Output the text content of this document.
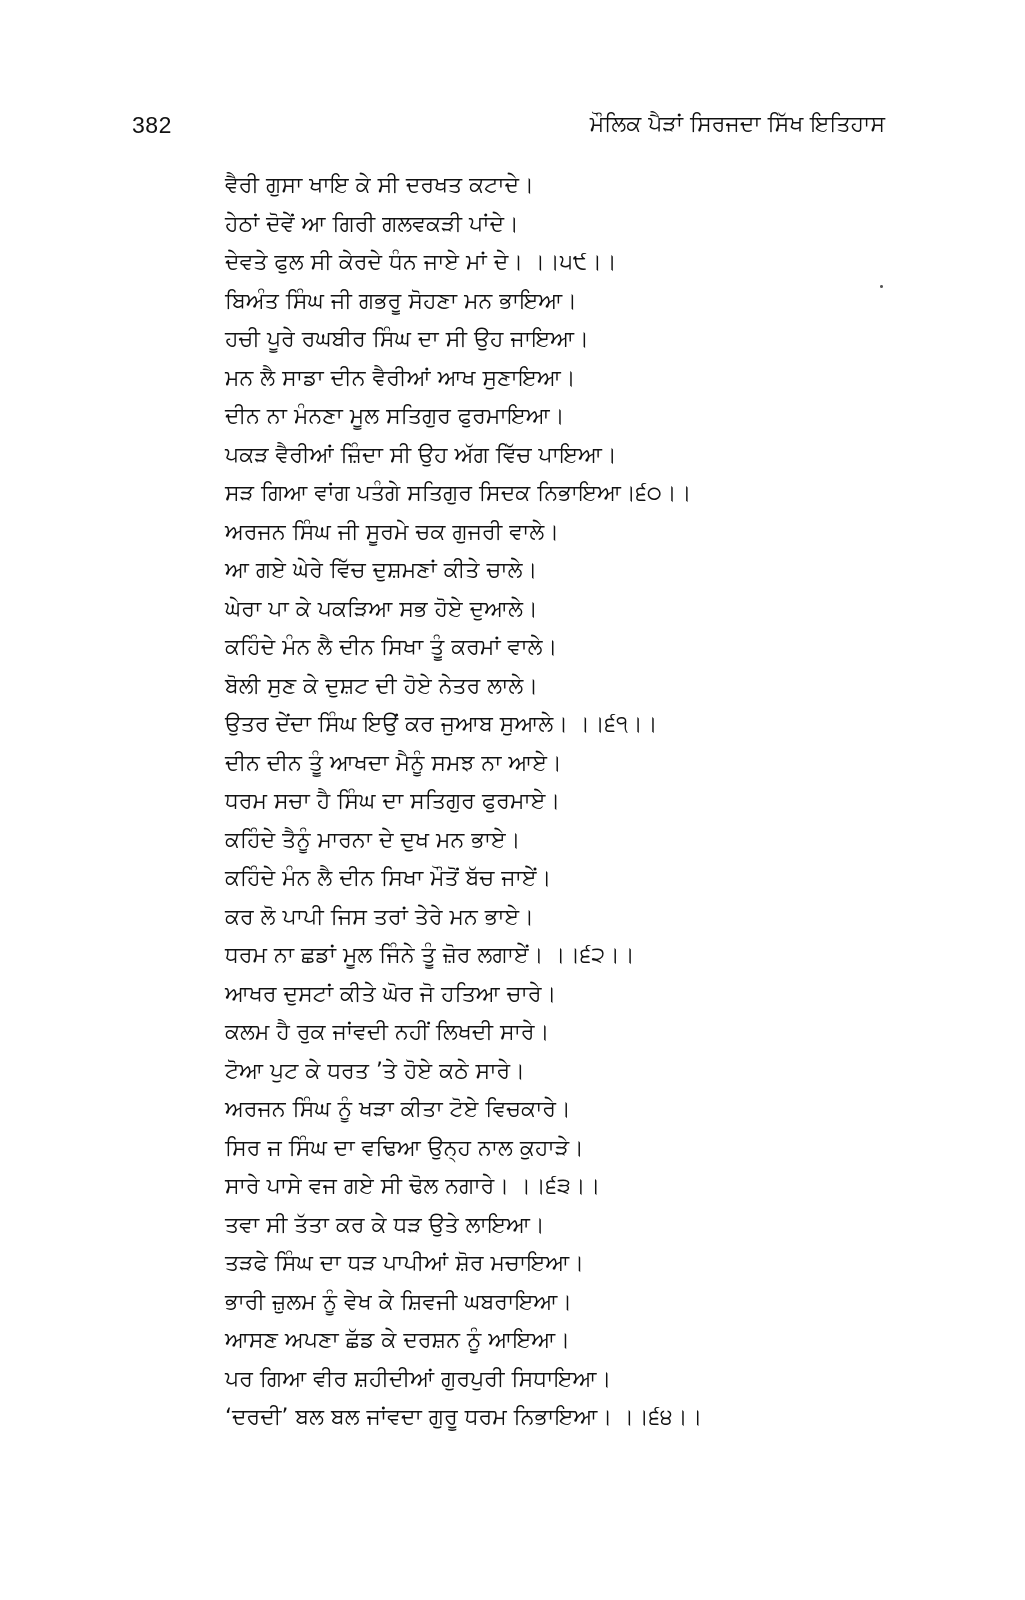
382	ਮੌਲਿਕ ਪੈੜਾਂ ਸਿਰਜਦਾ ਸਿੱਖ ਇਤਿਹਾਸ
ਵੈਰੀ ਗੁਸਾ ਖਾਇ ਕੇ ਸੀ ਦਰਖਤ ਕਟਾਦੇ।
ਹੇਠਾਂ ਦੋਵੇਂ ਆ ਗਿਰੀ ਗਲਵਕੜੀ ਪਾਂਦੇ।
ਦੇਵਤੇ ਫੁਲ ਸੀ ਕੇਰਦੇ ਧੰਨ ਜਾਏ ਮਾਂ ਦੇ। ।।੫੯।।
ਬਿਅੰਤ ਸਿੰਘ ਜੀ ਗਭਰੂ ਸੋਹਣਾ ਮਨ ਭਾਇਆ।
ਹਚੀ ਪੂਰੇ ਰਘਬੀਰ ਸਿੰਘ ਦਾ ਸੀ ਉਹ ਜਾਇਆ।
ਮਨ ਲੈ ਸਾਡਾ ਦੀਨ ਵੈਰੀਆਂ ਆਖ ਸੁਣਾਇਆ।
ਦੀਨ ਨਾ ਮੰਨਣਾ ਮੂਲ ਸਤਿਗੁਰ ਫੁਰਮਾਇਆ।
ਪਕੜ ਵੈਰੀਆਂ ਜ਼ਿੰਦਾ ਸੀ ਉਹ ਅੱਗ ਵਿੱਚ ਪਾਇਆ।
ਸੜ ਗਿਆ ਵਾਂਗ ਪਤੰਗੇ ਸਤਿਗੁਰ ਸਿਦਕ ਨਿਭਾਇਆ।੬੦।।
ਅਰਜਨ ਸਿੰਘ ਜੀ ਸੂਰਮੇ ਚਕ ਗੁਜਰੀ ਵਾਲੇ।
ਆ ਗਏ ਘੇਰੇ ਵਿੱਚ ਦੁਸ਼ਮਣਾਂ ਕੀਤੇ ਚਾਲੇ।
ਘੇਰਾ ਪਾ ਕੇ ਪਕੜਿਆ ਸਭ ਹੋਏ ਦੁਆਲੇ।
ਕਹਿੰਦੇ ਮੰਨ ਲੈ ਦੀਨ ਸਿਖਾ ਤੂੰ ਕਰਮਾਂ ਵਾਲੇ।
ਬੋਲੀ ਸੁਣ ਕੇ ਦੁਸ਼ਟ ਦੀ ਹੋਏ ਨੇਤਰ ਲਾਲੇ।
ਉਤਰ ਦੇਂਦਾ ਸਿੰਘ ਇਉਂ ਕਰ ਜੁਆਬ ਸੁਆਲੇ। ।।੬੧।।
ਦੀਨ ਦੀਨ ਤੂੰ ਆਖਦਾ ਮੈਨੂੰ ਸਮਝ ਨਾ ਆਏ।
ਧਰਮ ਸਚਾ ਹੈ ਸਿੰਘ ਦਾ ਸਤਿਗੁਰ ਫੁਰਮਾਏ।
ਕਹਿੰਦੇ ਤੈਨੂੰ ਮਾਰਨਾ ਦੇ ਦੁਖ ਮਨ ਭਾਏ।
ਕਹਿੰਦੇ ਮੰਨ ਲੈ ਦੀਨ ਸਿਖਾ ਮੌਤੋਂ ਬੱਚ ਜਾਏਂ।
ਕਰ ਲੋ ਪਾਪੀ ਜਿਸ ਤਰਾਂ ਤੇਰੇ ਮਨ ਭਾਏ।
ਧਰਮ ਨਾ ਛਡਾਂ ਮੂਲ ਜਿੰਨੇ ਤੂੰ ਜ਼ੋਰ ਲਗਾਏਂ। ।।੬੨।।
ਆਖਰ ਦੁਸਟਾਂ ਕੀਤੇ ਘੋਰ ਜੋ ਹਤਿਆ ਚਾਰੇ।
ਕਲਮ ਹੈ ਰੁਕ ਜਾਂਵਦੀ ਨਹੀਂ ਲਿਖਦੀ ਸਾਰੇ।
ਟੋਆ ਪੁਟ ਕੇ ਧਰਤ ’ਤੇ ਹੋਏ ਕਠੇ ਸਾਰੇ।
ਅਰਜਨ ਸਿੰਘ ਨੂੰ ਖੜਾ ਕੀਤਾ ਟੋਏ ਵਿਚਕਾਰੇ।
ਸਿਰ ਜ ਸਿੰਘ ਦਾ ਵਢਿਆ ਉਨ੍ਹ ਨਾਲ ਕੁਹਾੜੇ।
ਸਾਰੇ ਪਾਸੇ ਵਜ ਗਏ ਸੀ ਢੋਲ ਨਗਾਰੇ। ।।੬੩।।
ਤਵਾ ਸੀ ਤੱਤਾ ਕਰ ਕੇ ਧੜ ਉਤੇ ਲਾਇਆ।
ਤੜਫੇ ਸਿੰਘ ਦਾ ਧੜ ਪਾਪੀਆਂ ਸ਼ੋਰ ਮਚਾਇਆ।
ਭਾਰੀ ਜ਼ੁਲਮ ਨੂੰ ਵੇਖ ਕੇ ਸ਼ਿਵਜੀ ਘਬਰਾਇਆ।
ਆਸਣ ਅਪਣਾ ਛੱਡ ਕੇ ਦਰਸ਼ਨ ਨੂੰ ਆਇਆ।
ਪਰ ਗਿਆ ਵੀਰ ਸ਼ਹੀਦੀਆਂ ਗੁਰਪੁਰੀ ਸਿਧਾਇਆ।
‘ਦਰਦੀ’ ਬਲ ਬਲ ਜਾਂਵਦਾ ਗੁਰੂ ਧਰਮ ਨਿਭਾਇਆ। ।।੬੪।।
